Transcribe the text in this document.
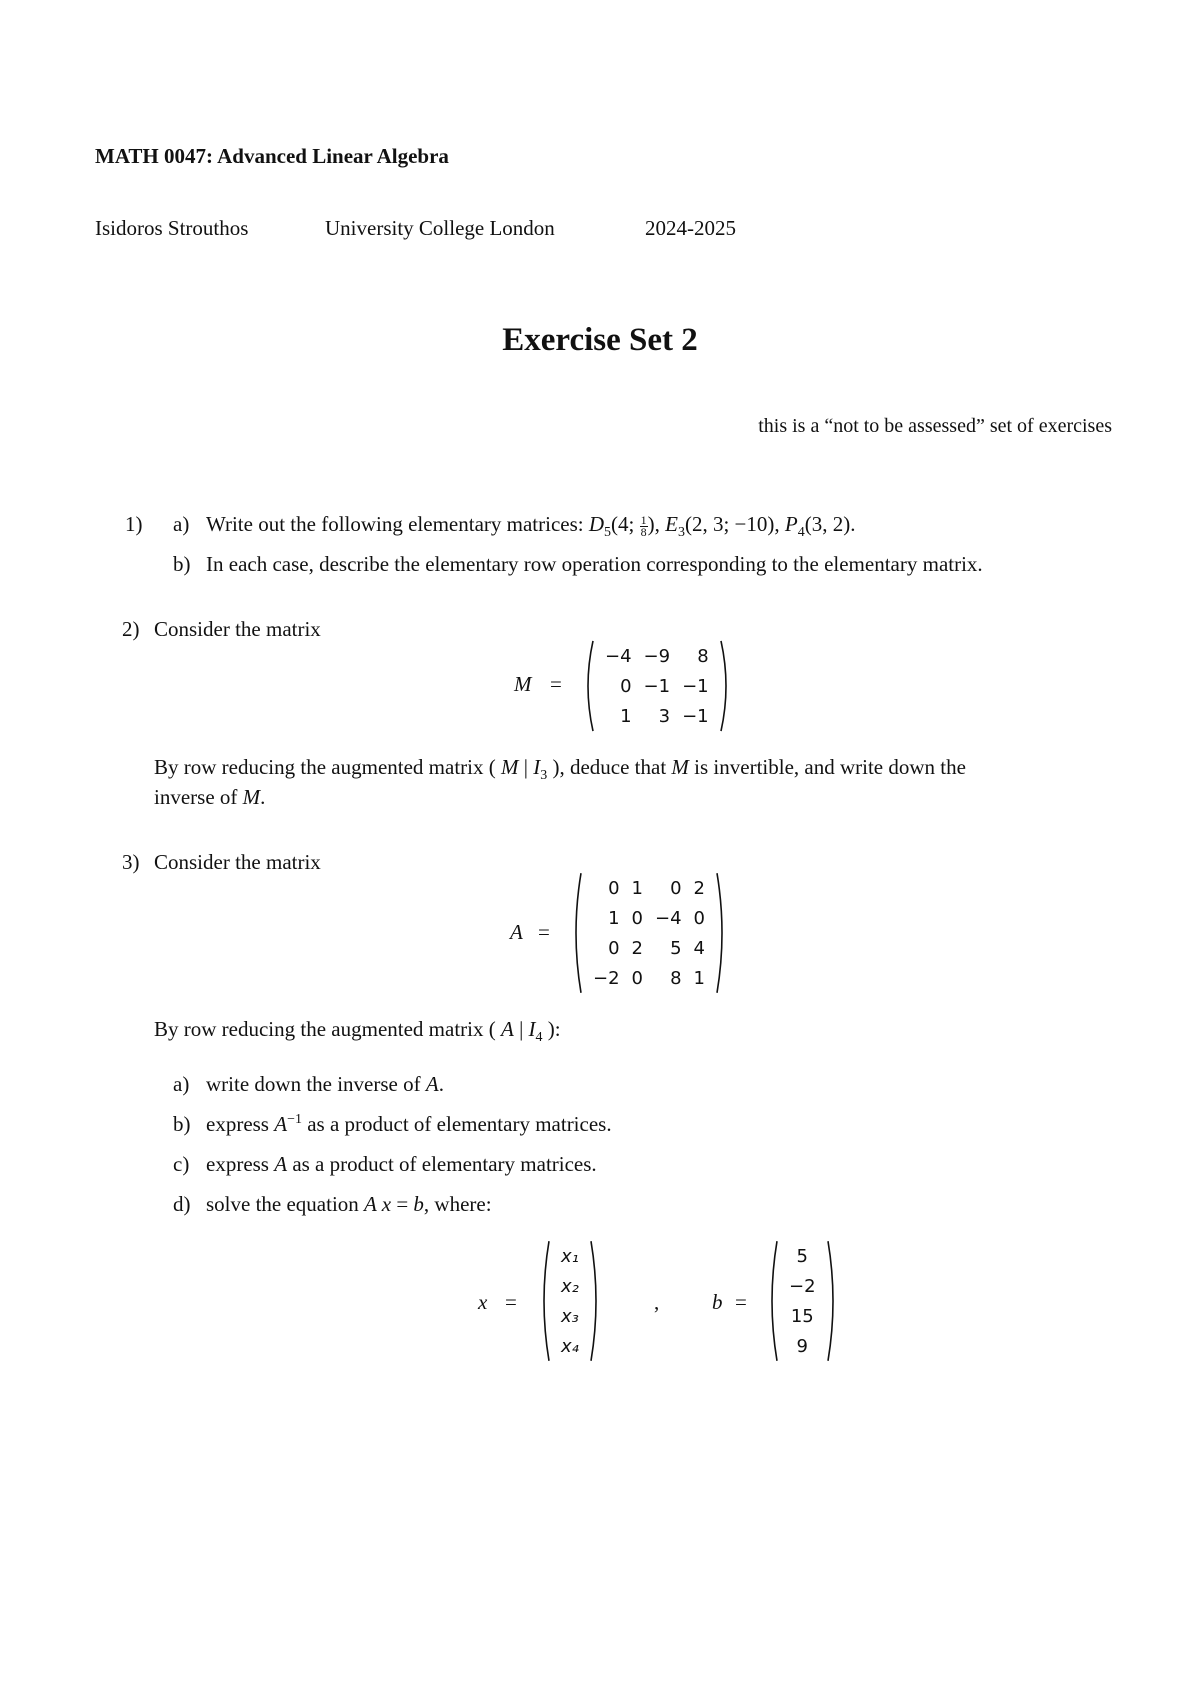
MATH 0047: Advanced Linear Algebra
Isidoros Strouthos	University College London	2024-2025
Exercise Set 2
this is a “not to be assessed” set of exercises
1) a) Write out the following elementary matrices: $D_5(4$; $\frac{1}{8}$ ), $E_3(2$, 3; −10), $P_4(3$, 2).
b) In each case, describe the elementary row operation corresponding to the elementary matrix.
2) Consider the matrix
M =
−4 −9	8
0 −1 −1
1	3 −1
By row reducing the augmented matrix ( M | $I_3$ ), deduce that M is invertible, and write down the
inverse of M.
3) Consider the matrix
A =
0 1	0 2
1 0 −4 0
0 2	5 4
−2 0	8 1
By row reducing the augmented matrix ( A | $I_4$ ):
a) write down the inverse of A.
b) express $A^{-1}$ as a product of elementary matrices.
c) express A as a product of elementary matrices.
d) solve the equation A x = b, where:
x =
x₁
x₂
x₃
x₄
,	b =
5
−2
15
9
